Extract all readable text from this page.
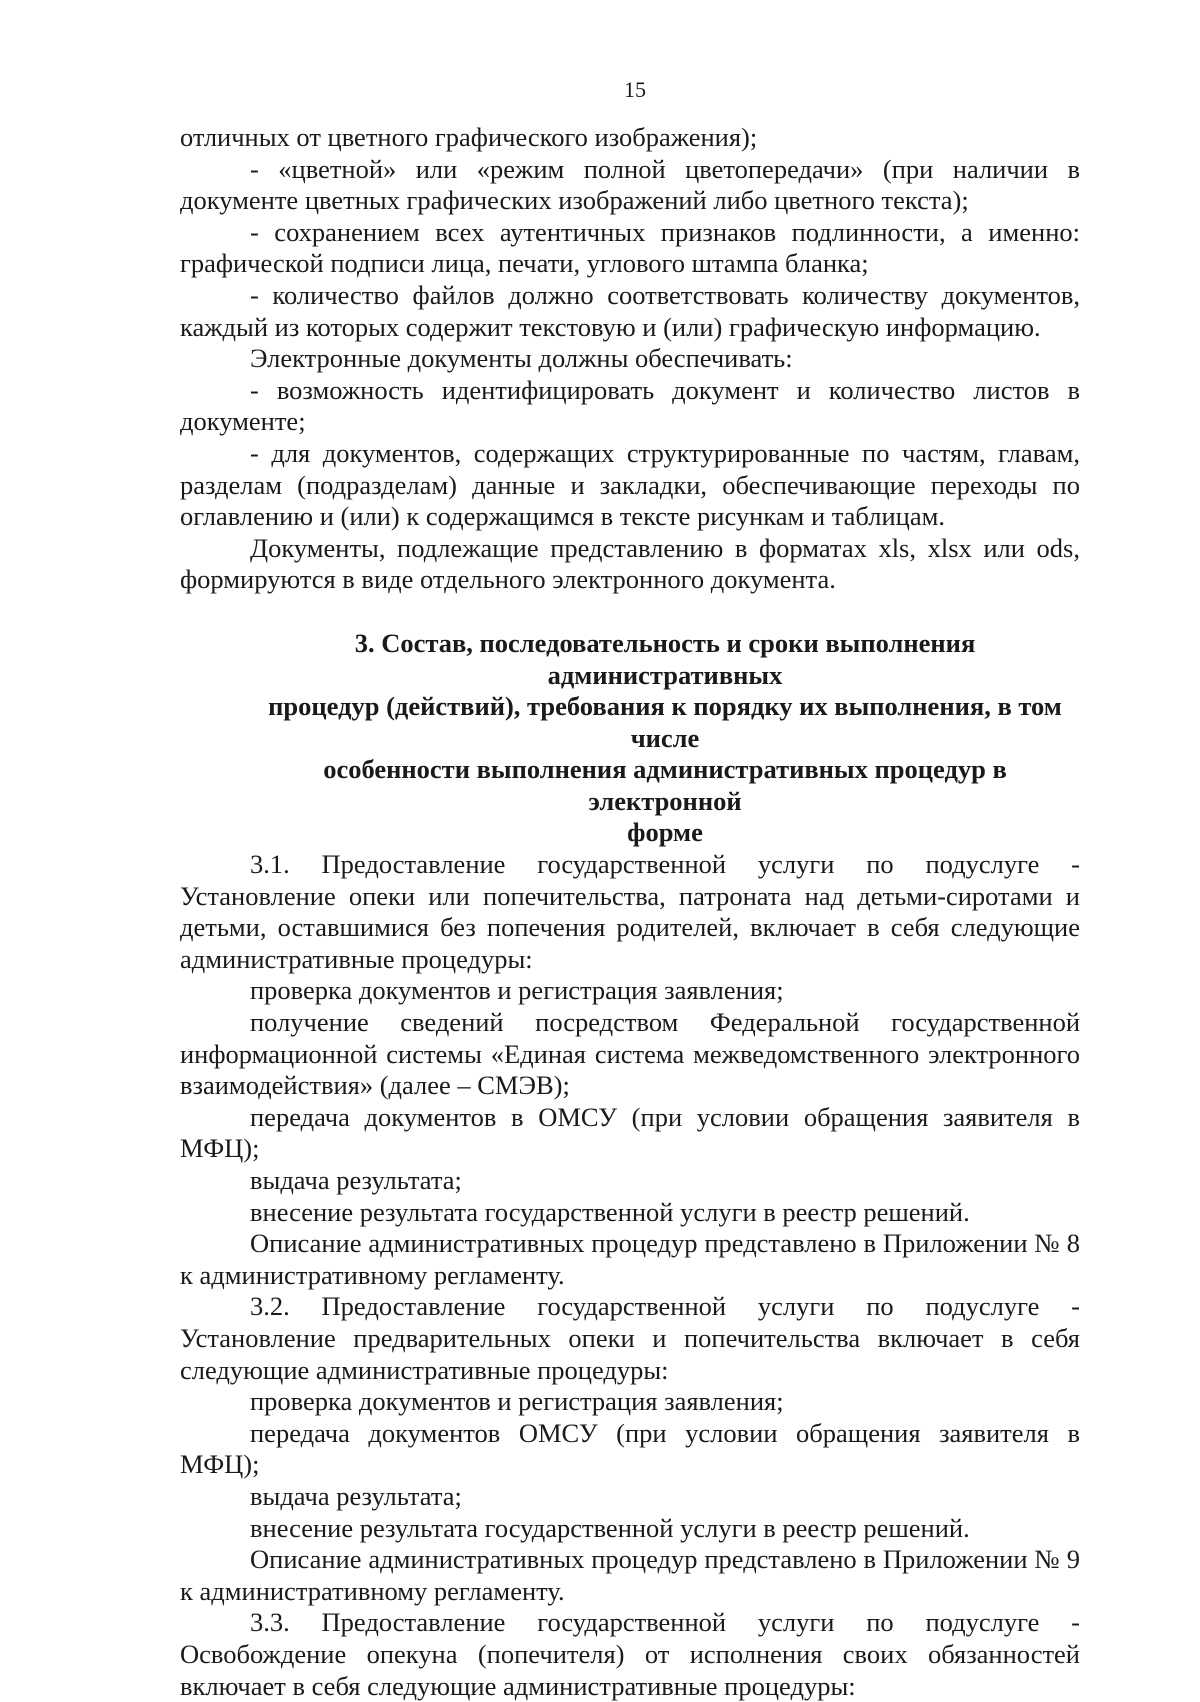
15

отличных от цветного графического изображения);

- «цветной» или «режим полной цветопередачи» (при наличии в документе цветных графических изображений либо цветного текста);

- сохранением всех аутентичных признаков подлинности, а именно: графической подписи лица, печати, углового штампа бланка;

- количество файлов должно соответствовать количеству документов, каждый из которых содержит текстовую и (или) графическую информацию.

Электронные документы должны обеспечивать:

- возможность идентифицировать документ и количество листов в документе;

- для документов, содержащих структурированные по частям, главам, разделам (подразделам) данные и закладки, обеспечивающие переходы по оглавлению и (или) к содержащимся в тексте рисункам и таблицам.

Документы, подлежащие представлению в форматах xls, xlsx или ods, формируются в виде отдельного электронного документа.

3. Состав, последовательность и сроки выполнения административных
процедур (действий), требования к порядку их выполнения, в том числе
особенности выполнения административных процедур в электронной
форме

3.1. Предоставление государственной услуги по подуслуге - Установление опеки или попечительства, патроната над детьми-сиротами и детьми, оставшимися без попечения родителей, включает в себя следующие административные процедуры:

проверка документов и регистрация заявления;

получение сведений посредством Федеральной государственной информационной системы «Единая система межведомственного электронного взаимодействия» (далее – СМЭВ);

передача документов в ОМСУ (при условии обращения заявителя в МФЦ);

выдача результата;

внесение результата государственной услуги в реестр решений.

Описание административных процедур представлено в Приложении № 8 к административному регламенту.

3.2. Предоставление государственной услуги по подуслуге - Установление предварительных опеки и попечительства включает в себя следующие административные процедуры:

проверка документов и регистрация заявления;

передача документов ОМСУ (при условии обращения заявителя в МФЦ);

выдача результата;

внесение результата государственной услуги в реестр решений.

Описание административных процедур представлено в Приложении № 9 к административному регламенту.

3.3. Предоставление государственной услуги по подуслуге - Освобождение опекуна (попечителя) от исполнения своих обязанностей включает в себя следующие административные процедуры:
